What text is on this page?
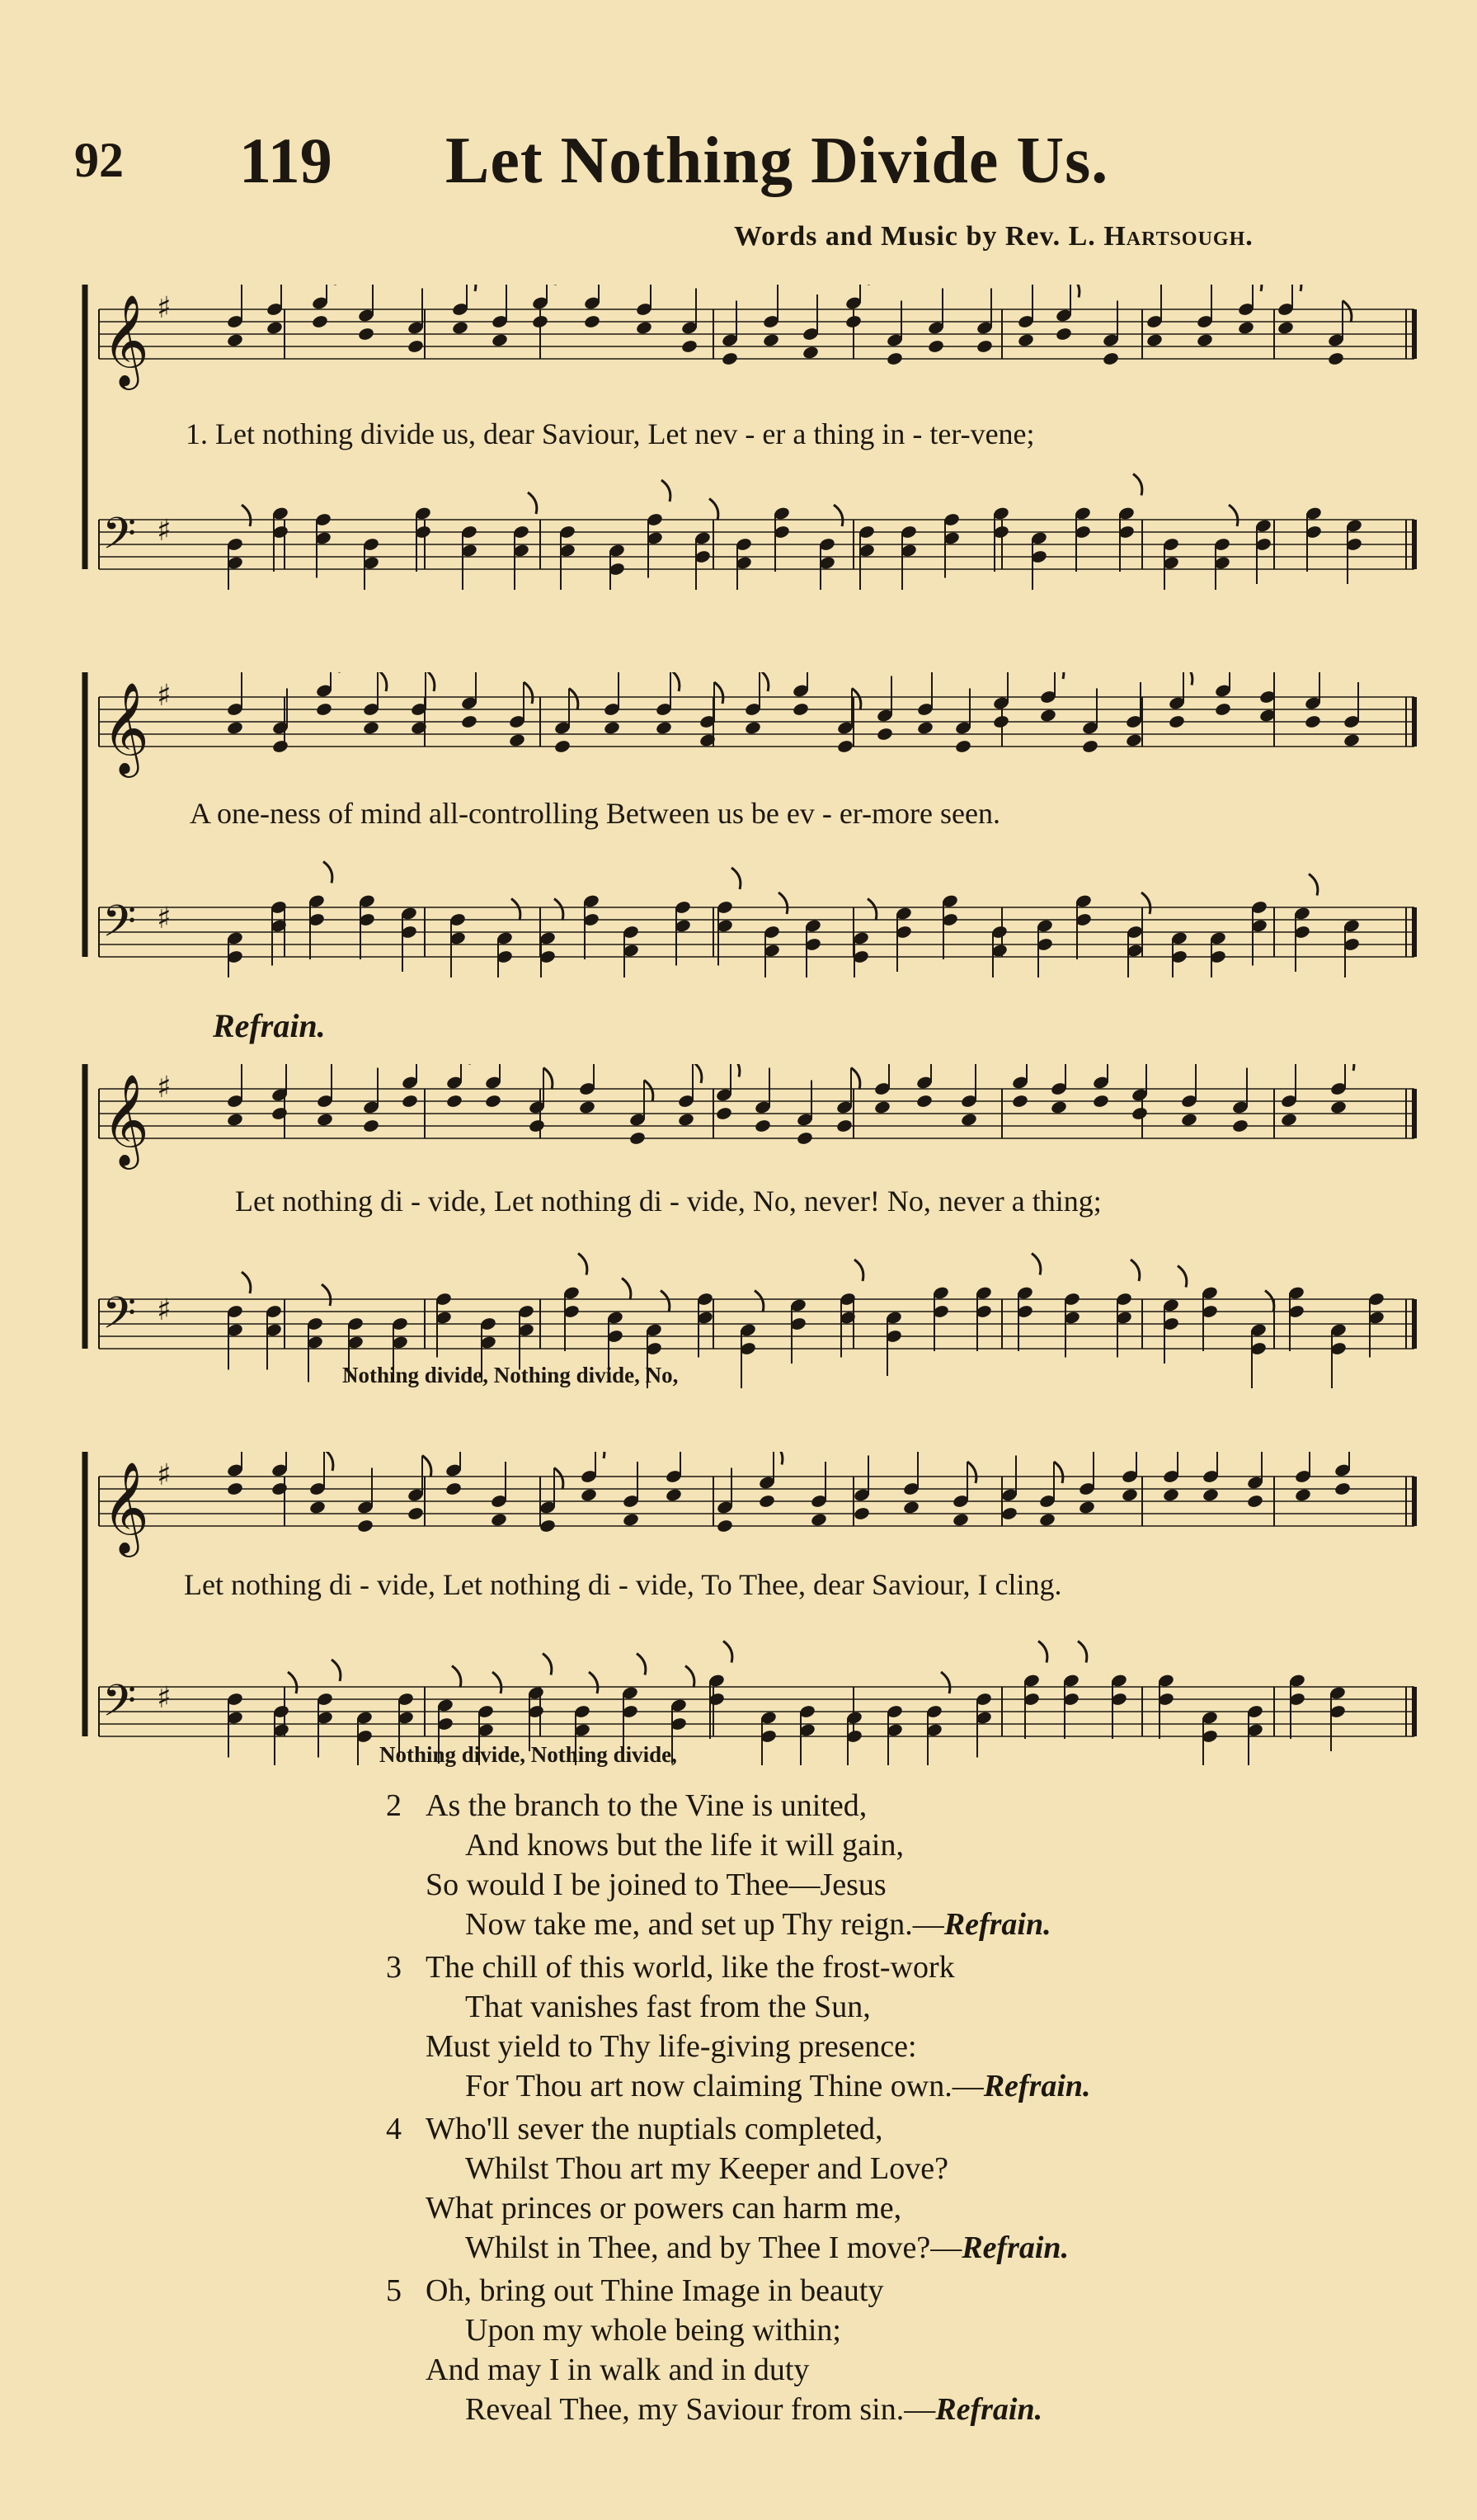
92 119 Let Nothing Divide Us.
Words and Music by Rev. L. Hartsough.
𝄞 ♯
𝄢 ♯
1. Let nothing divide us, dear Saviour, Let nev - er a thing in - ter-vene;
𝄞 ♯
𝄢 ♯
A one-ness of mind all-controlling Between us be ev - er-more seen.
Refrain.
𝄞 ♯
𝄢 ♯
Let nothing di - vide, Let nothing di - vide, No, never! No, never a thing;
Nothing divide, Nothing divide, No,
𝄞 ♯
𝄢 ♯
Let nothing di - vide, Let nothing di - vide, To Thee, dear Saviour, I cling.
Nothing divide, Nothing divide,
2 As the branch to the Vine is united,
And knows but the life it will gain,
So would I be joined to Thee—Jesus
Now take me, and set up Thy reign.—Refrain.
3 The chill of this world, like the frost-work
That vanishes fast from the Sun,
Must yield to Thy life-giving presence:
For Thou art now claiming Thine own.—Refrain.
4 Who'll sever the nuptials completed,
Whilst Thou art my Keeper and Love?
What princes or powers can harm me,
Whilst in Thee, and by Thee I move?—Refrain.
5 Oh, bring out Thine Image in beauty
Upon my whole being within;
And may I in walk and in duty
Reveal Thee, my Saviour from sin.—Refrain.
